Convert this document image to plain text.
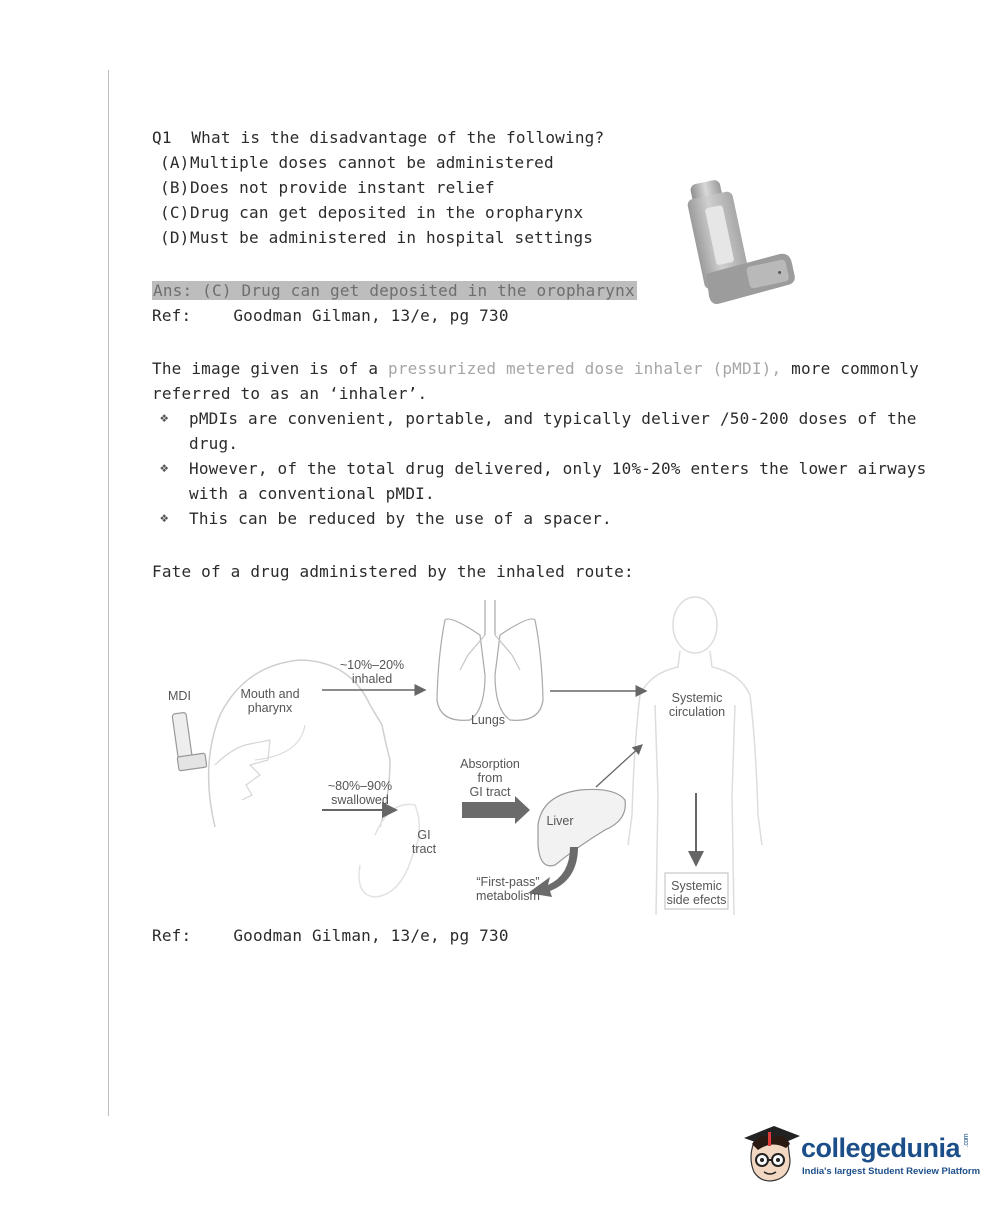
Q1 What is the disadvantage of the following?
(A)Multiple doses cannot be administered
(B)Does not provide instant relief
(C)Drug can get deposited in the oropharynx
(D)Must be administered in hospital settings
Ans: (C) Drug can get deposited in the oropharynx
Ref:	Goodman Gilman, 13/e, pg 730
The image given is of a pressurized metered dose inhaler (pMDI), more commonly
referred to as an ‘inhaler’.
❖ pMDIs are convenient, portable, and typically deliver /50-200 doses of the
drug.
❖ However, of the total drug delivered, only 10%-20% enters the lower airways
with a conventional pMDI.
❖ This can be reduced by the use of a spacer.
Fate of a drug administered by the inhaled route:
MDI	Mouth and
pharynx
~10%–20%
inhaled
Lungs
Systemic
circulation
~80%–90%
swallowed
Absorption
from
GI tract
GI
tract
Liver
“First-pass”
metabolism
Systemic
side efects
Ref:	Goodman Gilman, 13/e, pg 730
collegedunia .com
India's largest Student Review Platform
